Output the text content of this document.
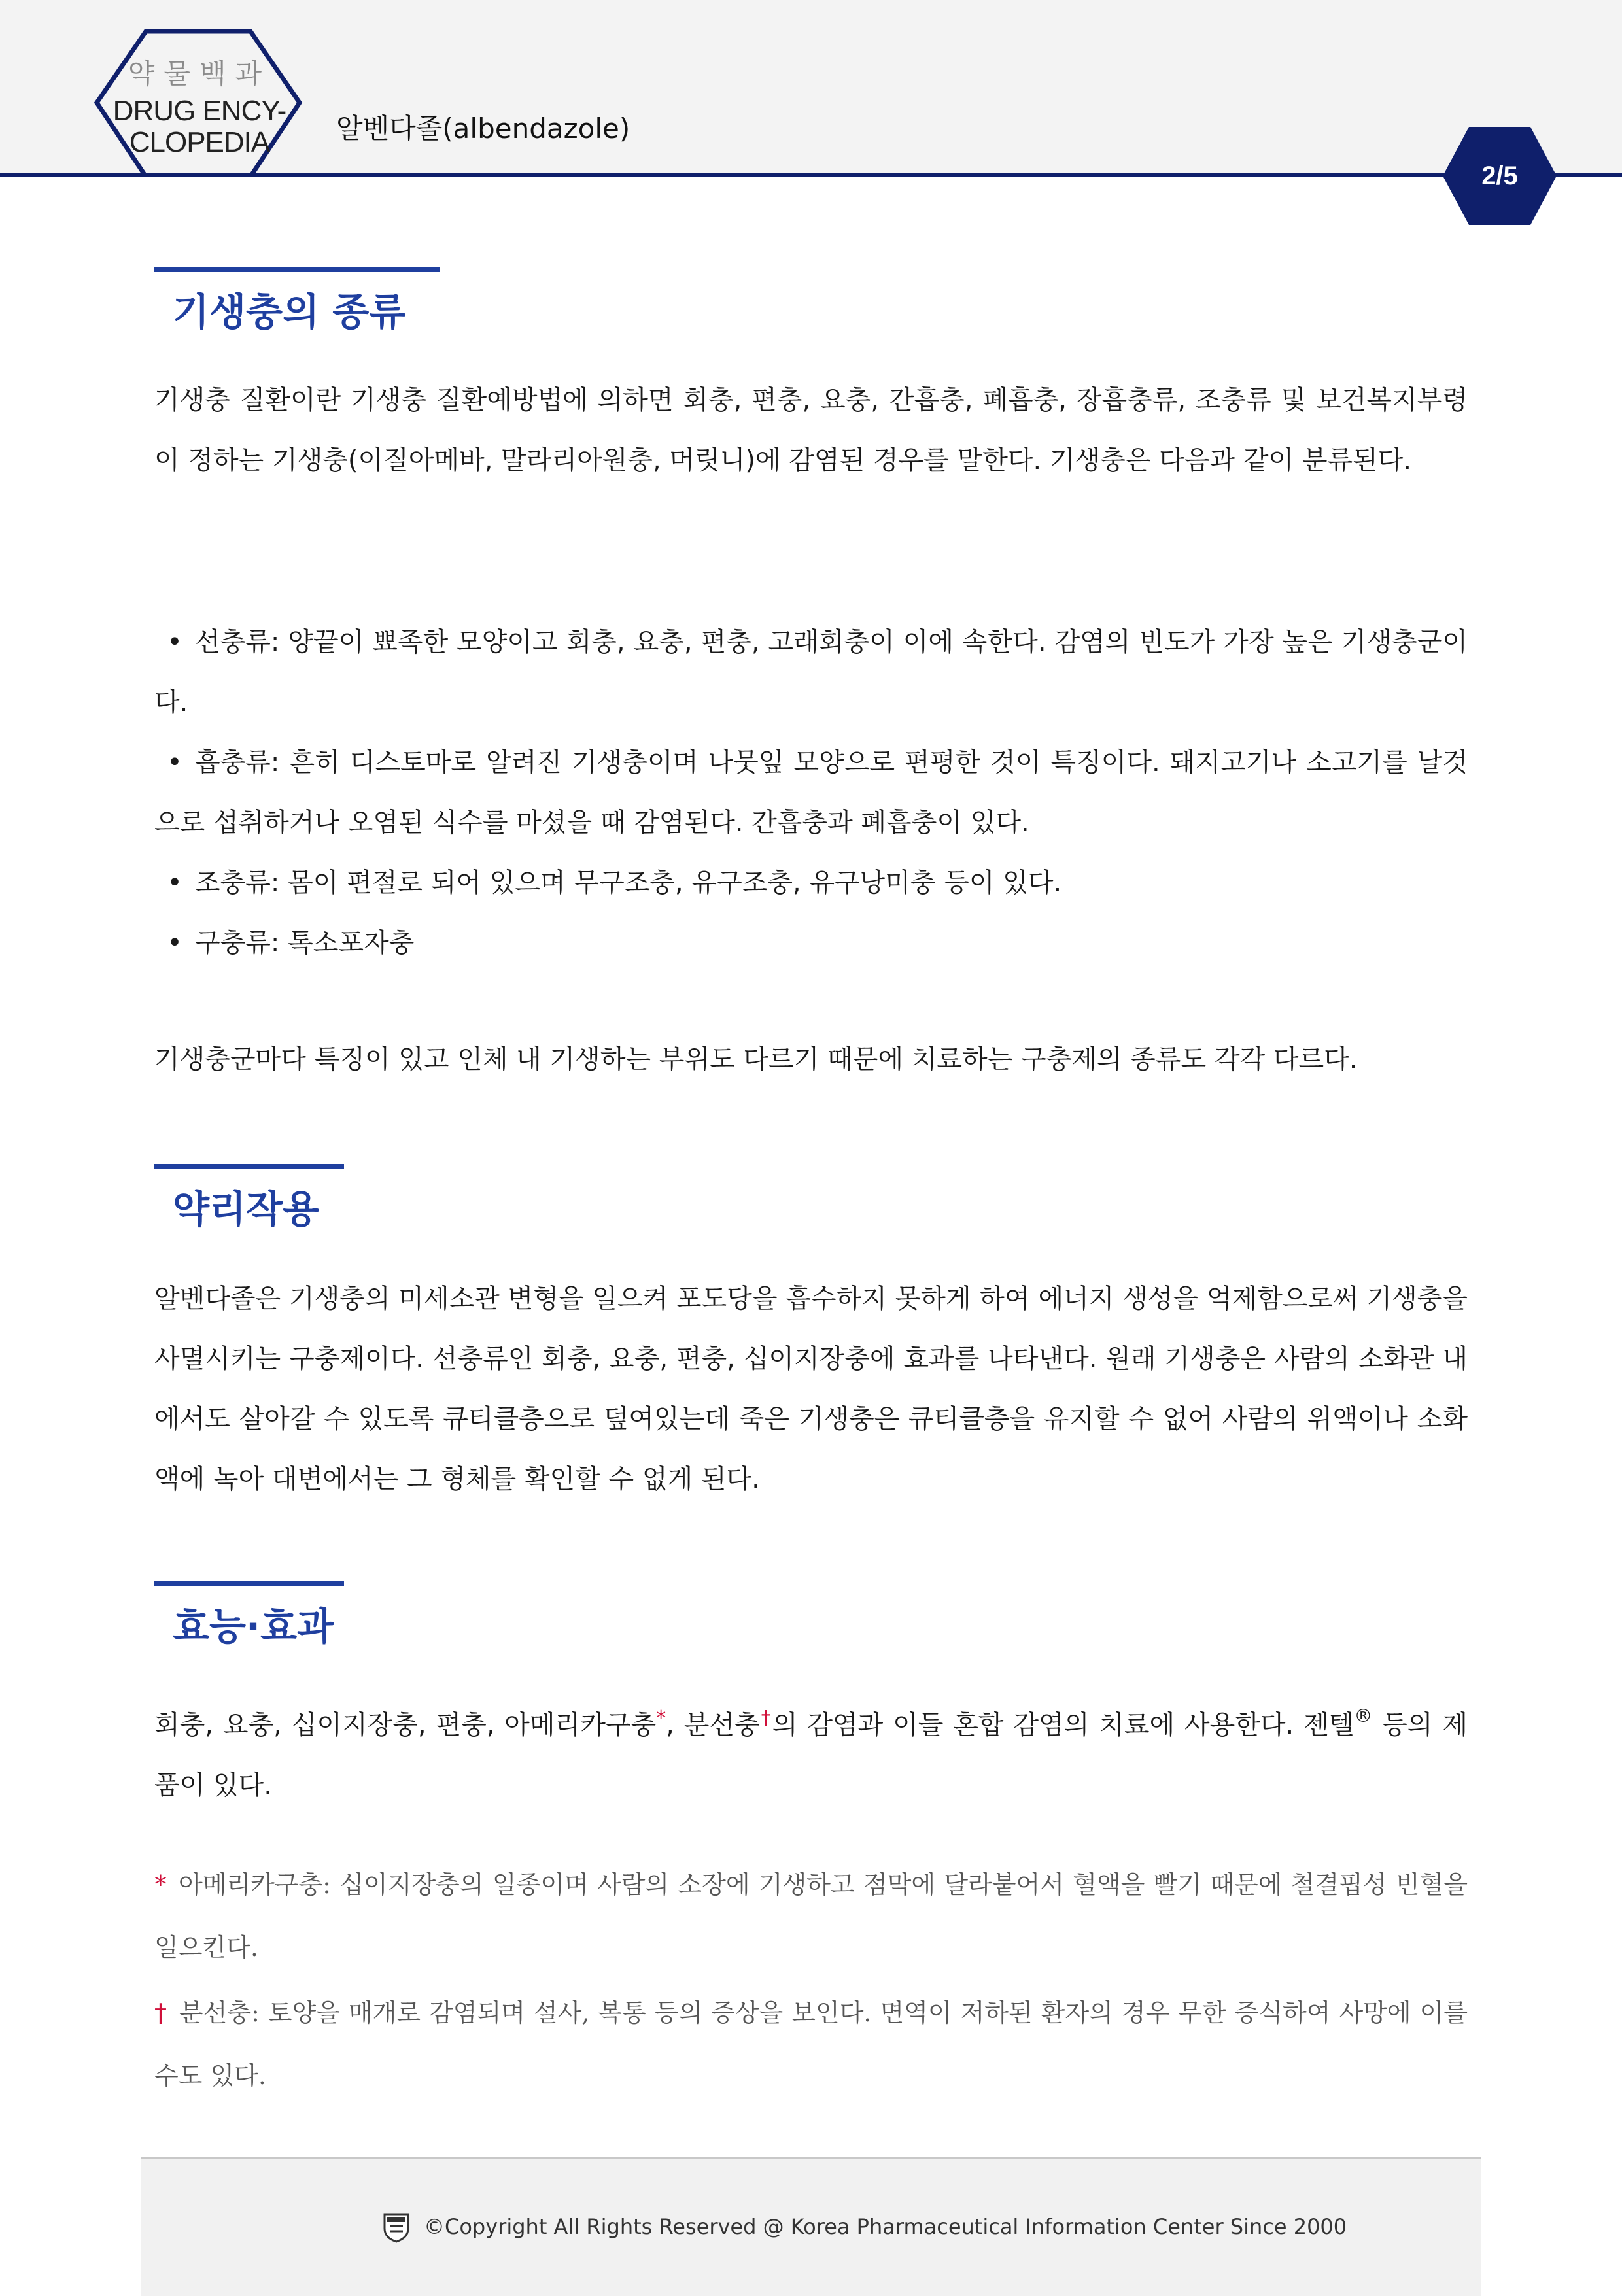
약물백과
DRUG ENCY-
CLOPEDIA	알벤다졸(albendazole)
2/5
기생충의 종류

기생충 질환이란 기생충 질환예방법에 의하면 회충, 편충, 요충, 간흡충, 폐흡충, 장흡충류, 조충류 및 보건복지부령이 정하는 기생충(이질아메바, 말라리아원충, 머릿니)에 감염된 경우를 말한다. 기생충은 다음과 같이 분류된다.

• 선충류: 양끝이 뾰족한 모양이고 회충, 요충, 편충, 고래회충이 이에 속한다. 감염의 빈도가 가장 높은 기생충군이다.
• 흡충류: 흔히 디스토마로 알려진 기생충이며 나뭇잎 모양으로 편평한 것이 특징이다. 돼지고기나 소고기를 날것으로 섭취하거나 오염된 식수를 마셨을 때 감염된다. 간흡충과 폐흡충이 있다.
• 조충류: 몸이 편절로 되어 있으며 무구조충, 유구조충, 유구낭미충 등이 있다.
• 구충류: 톡소포자충

기생충군마다 특징이 있고 인체 내 기생하는 부위도 다르기 때문에 치료하는 구충제의 종류도 각각 다르다.

약리작용

알벤다졸은 기생충의 미세소관 변형을 일으켜 포도당을 흡수하지 못하게 하여 에너지 생성을 억제함으로써 기생충을 사멸시키는 구충제이다. 선충류인 회충, 요충, 편충, 십이지장충에 효과를 나타낸다. 원래 기생충은 사람의 소화관 내에서도 살아갈 수 있도록 큐티클층으로 덮여있는데 죽은 기생충은 큐티클층을 유지할 수 없어 사람의 위액이나 소화액에 녹아 대변에서는 그 형체를 확인할 수 없게 된다.

효능·효과

회충, 요충, 십이지장충, 편충, 아메리카구충*, 분선충†의 감염과 이들 혼합 감염의 치료에 사용한다. 젠텔® 등의 제품이 있다.

* 아메리카구충: 십이지장충의 일종이며 사람의 소장에 기생하고 점막에 달라붙어서 혈액을 빨기 때문에 철결핍성 빈혈을 일으킨다.

† 분선충: 토양을 매개로 감염되며 설사, 복통 등의 증상을 보인다. 면역이 저하된 환자의 경우 무한 증식하여 사망에 이를 수도 있다.

©Copyright All Rights Reserved @ Korea Pharmaceutical Information Center Since 2000
